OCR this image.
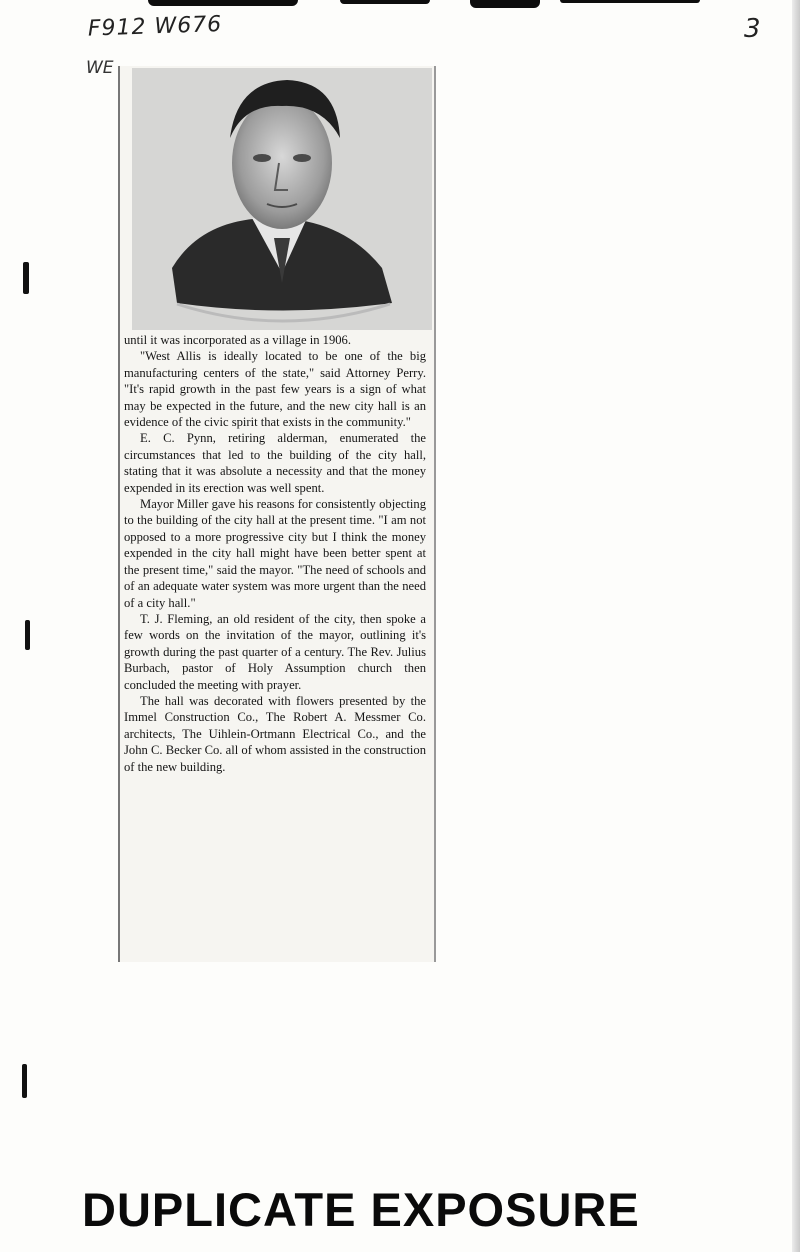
F912 W676
WE
3

until it was incorporated as a village in 1906.

"West Allis is ideally located to be one of the big manufacturing centers of the state," said Attorney Perry. "It's rapid growth in the past few years is a sign of what may be expected in the future, and the new city hall is an evidence of the civic spirit that exists in the community."

E. C. Pynn, retiring alderman, enumerated the circumstances that led to the building of the city hall, stating that it was absolute a necessity and that the money expended in its erection was well spent.

Mayor Miller gave his reasons for consistently objecting to the building of the city hall at the present time. "I am not opposed to a more progressive city but I think the money expended in the city hall might have been better spent at the present time," said the mayor. "The need of schools and of an adequate water system was more urgent than the need of a city hall."

T. J. Fleming, an old resident of the city, then spoke a few words on the invitation of the mayor, outlining it's growth during the past quarter of a century. The Rev. Julius Burbach, pastor of Holy Assumption church then concluded the meeting with prayer.

The hall was decorated with flowers presented by the Immel Construction Co., The Robert A. Messmer Co. architects, The Uihlein-Ortmann Electrical Co., and the John C. Becker Co. all of whom assisted in the construction of the new building.

DUPLICATE EXPOSURE
